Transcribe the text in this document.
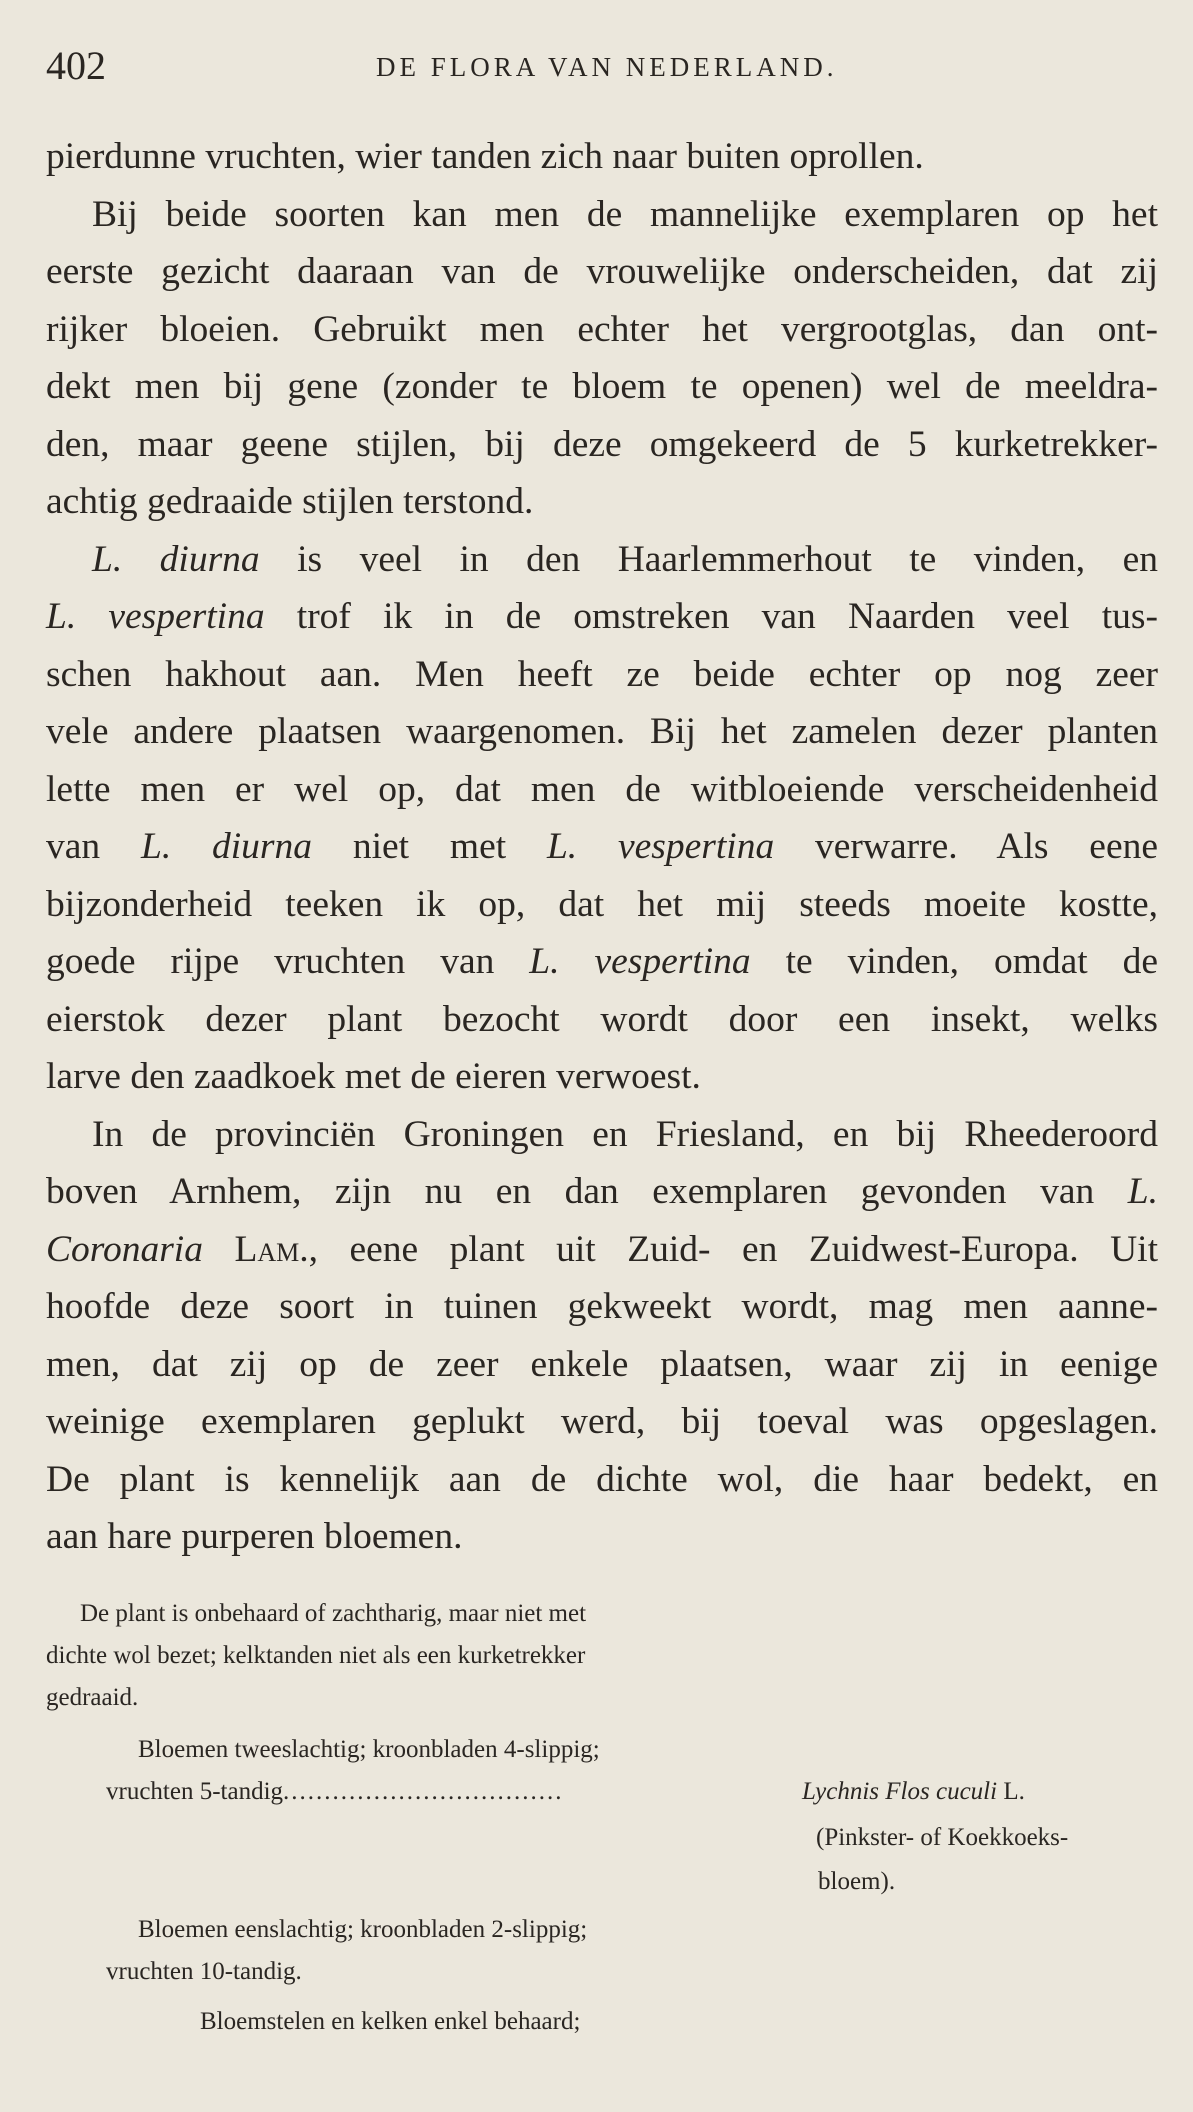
402	DE FLORA VAN NEDERLAND.
pierdunne vruchten, wier tanden zich naar buiten oprollen.
Bij beide soorten kan men de mannelijke exemplaren op het
eerste gezicht daaraan van de vrouwelijke onderscheiden, dat zij
rijker bloeien. Gebruikt men echter het vergrootglas, dan ont-
dekt men bij gene (zonder te bloem te openen) wel de meeldra-
den, maar geene stijlen, bij deze omgekeerd de 5 kurketrekker-
achtig gedraaide stijlen terstond.
L. diurna is veel in den Haarlemmerhout te vinden, en
L. vespertina trof ik in de omstreken van Naarden veel tus-
schen hakhout aan. Men heeft ze beide echter op nog zeer
vele andere plaatsen waargenomen. Bij het zamelen dezer planten
lette men er wel op, dat men de witbloeiende verscheidenheid
van L. diurna niet met L. vespertina verwarre. Als eene
bijzonderheid teeken ik op, dat het mij steeds moeite kostte,
goede rijpe vruchten van L. vespertina te vinden, omdat de
eierstok dezer plant bezocht wordt door een insekt, welks
larve den zaadkoek met de eieren verwoest.
In de provinciën Groningen en Friesland, en bij Rheederoord
boven Arnhem, zijn nu en dan exemplaren gevonden van L.
Coronaria Lam., eene plant uit Zuid- en Zuidwest-Europa. Uit
hoofde deze soort in tuinen gekweekt wordt, mag men aanne-
men, dat zij op de zeer enkele plaatsen, waar zij in eenige
weinige exemplaren geplukt werd, bij toeval was opgeslagen.
De plant is kennelijk aan de dichte wol, die haar bedekt, en
aan hare purperen bloemen.
De plant is onbehaard of zachtharig, maar niet met
dichte wol bezet; kelktanden niet als een kurketrekker
gedraaid.
Bloemen tweeslachtig; kroonbladen 4-slippig;
vruchten 5-tandig..................................	Lychnis Flos cuculi L.
(Pinkster- of Koekkoeks-
bloem).
Bloemen eenslachtig; kroonbladen 2-slippig;
vruchten 10-tandig.
Bloemstelen en kelken enkel behaard;
